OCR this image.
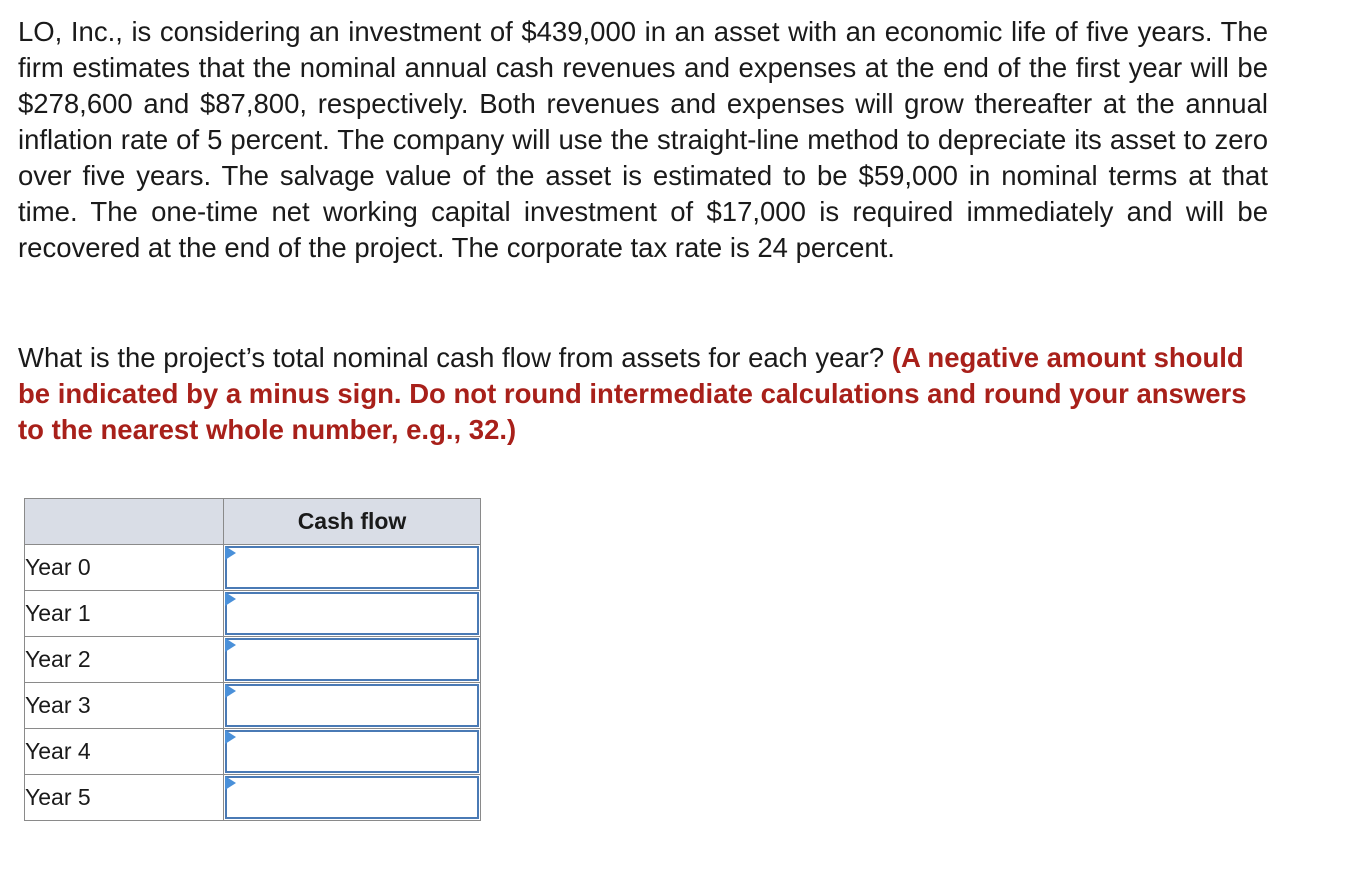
LO, Inc., is considering an investment of $439,000 in an asset with an economic life of five years. The firm estimates that the nominal annual cash revenues and expenses at the end of the first year will be $278,600 and $87,800, respectively. Both revenues and expenses will grow thereafter at the annual inflation rate of 5 percent. The company will use the straight-line method to depreciate its asset to zero over five years. The salvage value of the asset is estimated to be $59,000 in nominal terms at that time. The one-time net working capital investment of $17,000 is required immediately and will be recovered at the end of the project. The corporate tax rate is 24 percent.

What is the project’s total nominal cash flow from assets for each year? (A negative amount should be indicated by a minus sign. Do not round intermediate calculations and round your answers to the nearest whole number, e.g., 32.)

	Cash flow
Year 0	

Year 1	

Year 2	

Year 3	

Year 4	

Year 5	
